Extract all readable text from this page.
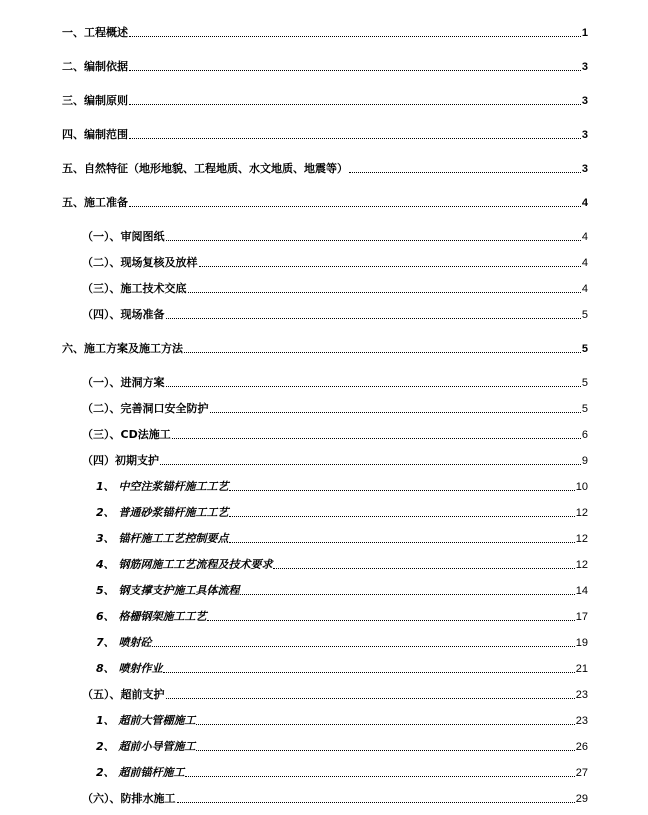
一、工程概述	1
二、编制依据	3
三、编制原则	3
四、编制范围	3
五、自然特征（地形地貌、工程地质、水文地质、地震等）	3
五、施工准备	4
（一）、审阅图纸	4
（二）、现场复核及放样	4
（三）、施工技术交底	4
（四）、现场准备	5
六、施工方案及施工方法	5
（一）、进洞方案	5
（二）、完善洞口安全防护	5
（三）、CD法施工	6
（四）初期支护	9
1、 中空注浆锚杆施工工艺	10
2、 普通砂浆锚杆施工工艺	12
3、 锚杆施工工艺控制要点	12
4、 钢筋网施工工艺流程及技术要求	12
5、 钢支撑支护施工具体流程	14
6、 格栅钢架施工工艺	17
7、 喷射砼	19
8、 喷射作业	21
（五）、超前支护	23
1、 超前大管棚施工	23
2、 超前小导管施工	26
2、 超前锚杆施工	27
（六）、防排水施工	29
